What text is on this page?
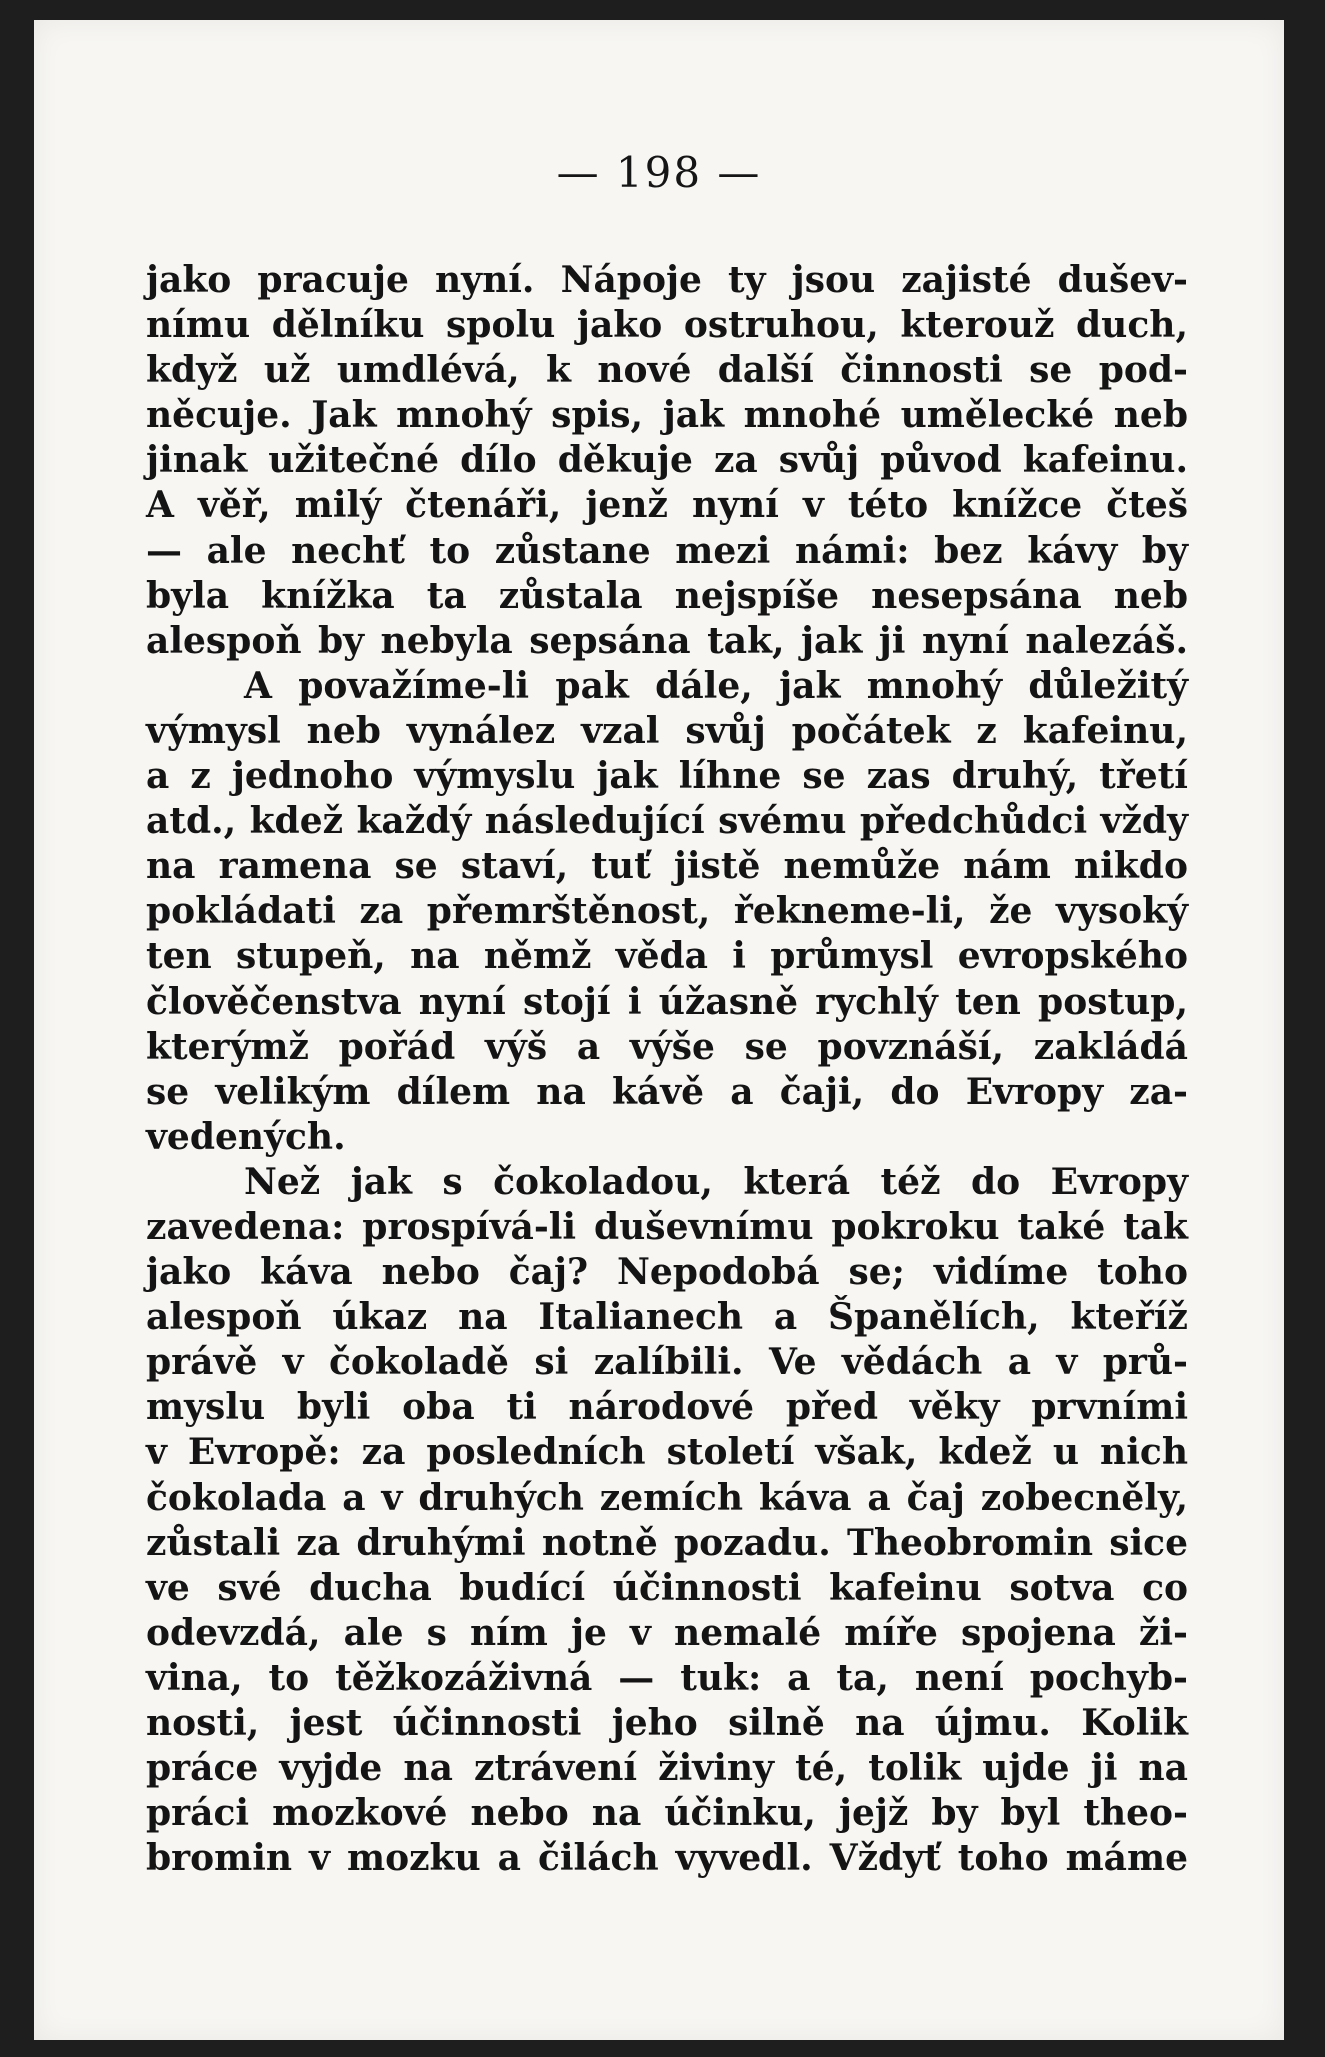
— 198 —
jako pracuje nyní. Nápoje ty jsou zajisté dušev-
nímu dělníku spolu jako ostruhou, kterouž duch,
když už umdlévá, k nové další činnosti se pod-
něcuje. Jak mnohý spis, jak mnohé umělecké neb
jinak užitečné dílo děkuje za svůj původ kafeinu.
A věř, milý čtenáři, jenž nyní v této knížce čteš
— ale nechť to zůstane mezi námi: bez kávy by
byla knížka ta zůstala nejspíše nesepsána neb
alespoň by nebyla sepsána tak, jak ji nyní nalezáš.
A považíme-li pak dále, jak mnohý důležitý
výmysl neb vynález vzal svůj počátek z kafeinu,
a z jednoho výmyslu jak líhne se zas druhý, třetí
atd., kdež každý následující svému předchůdci vždy
na ramena se staví, tuť jistě nemůže nám nikdo
pokládati za přemrštěnost, řekneme-li, že vysoký
ten stupeň, na němž věda i průmysl evropského
člověčenstva nyní stojí i úžasně rychlý ten postup,
kterýmž pořád výš a výše se povznáší, zakládá
se velikým dílem na kávě a čaji, do Evropy za-
vedených.
Než jak s čokoladou, která též do Evropy
zavedena: prospívá-li duševnímu pokroku také tak
jako káva nebo čaj? Nepodobá se; vidíme toho
alespoň úkaz na Italianech a Španělích, kteříž
právě v čokoladě si zalíbili. Ve vědách a v prů-
myslu byli oba ti národové před věky prvními
v Evropě: za posledních století však, kdež u nich
čokolada a v druhých zemích káva a čaj zobecněly,
zůstali za druhými notně pozadu. Theobromin sice
ve své ducha budící účinnosti kafeinu sotva co
odevzdá, ale s ním je v nemalé míře spojena ži-
vina, to těžkozáživná — tuk: a ta, není pochyb-
nosti, jest účinnosti jeho silně na újmu. Kolik
práce vyjde na ztrávení živiny té, tolik ujde ji na
práci mozkové nebo na účinku, jejž by byl theo-
bromin v mozku a čilách vyvedl. Vždyť toho máme
